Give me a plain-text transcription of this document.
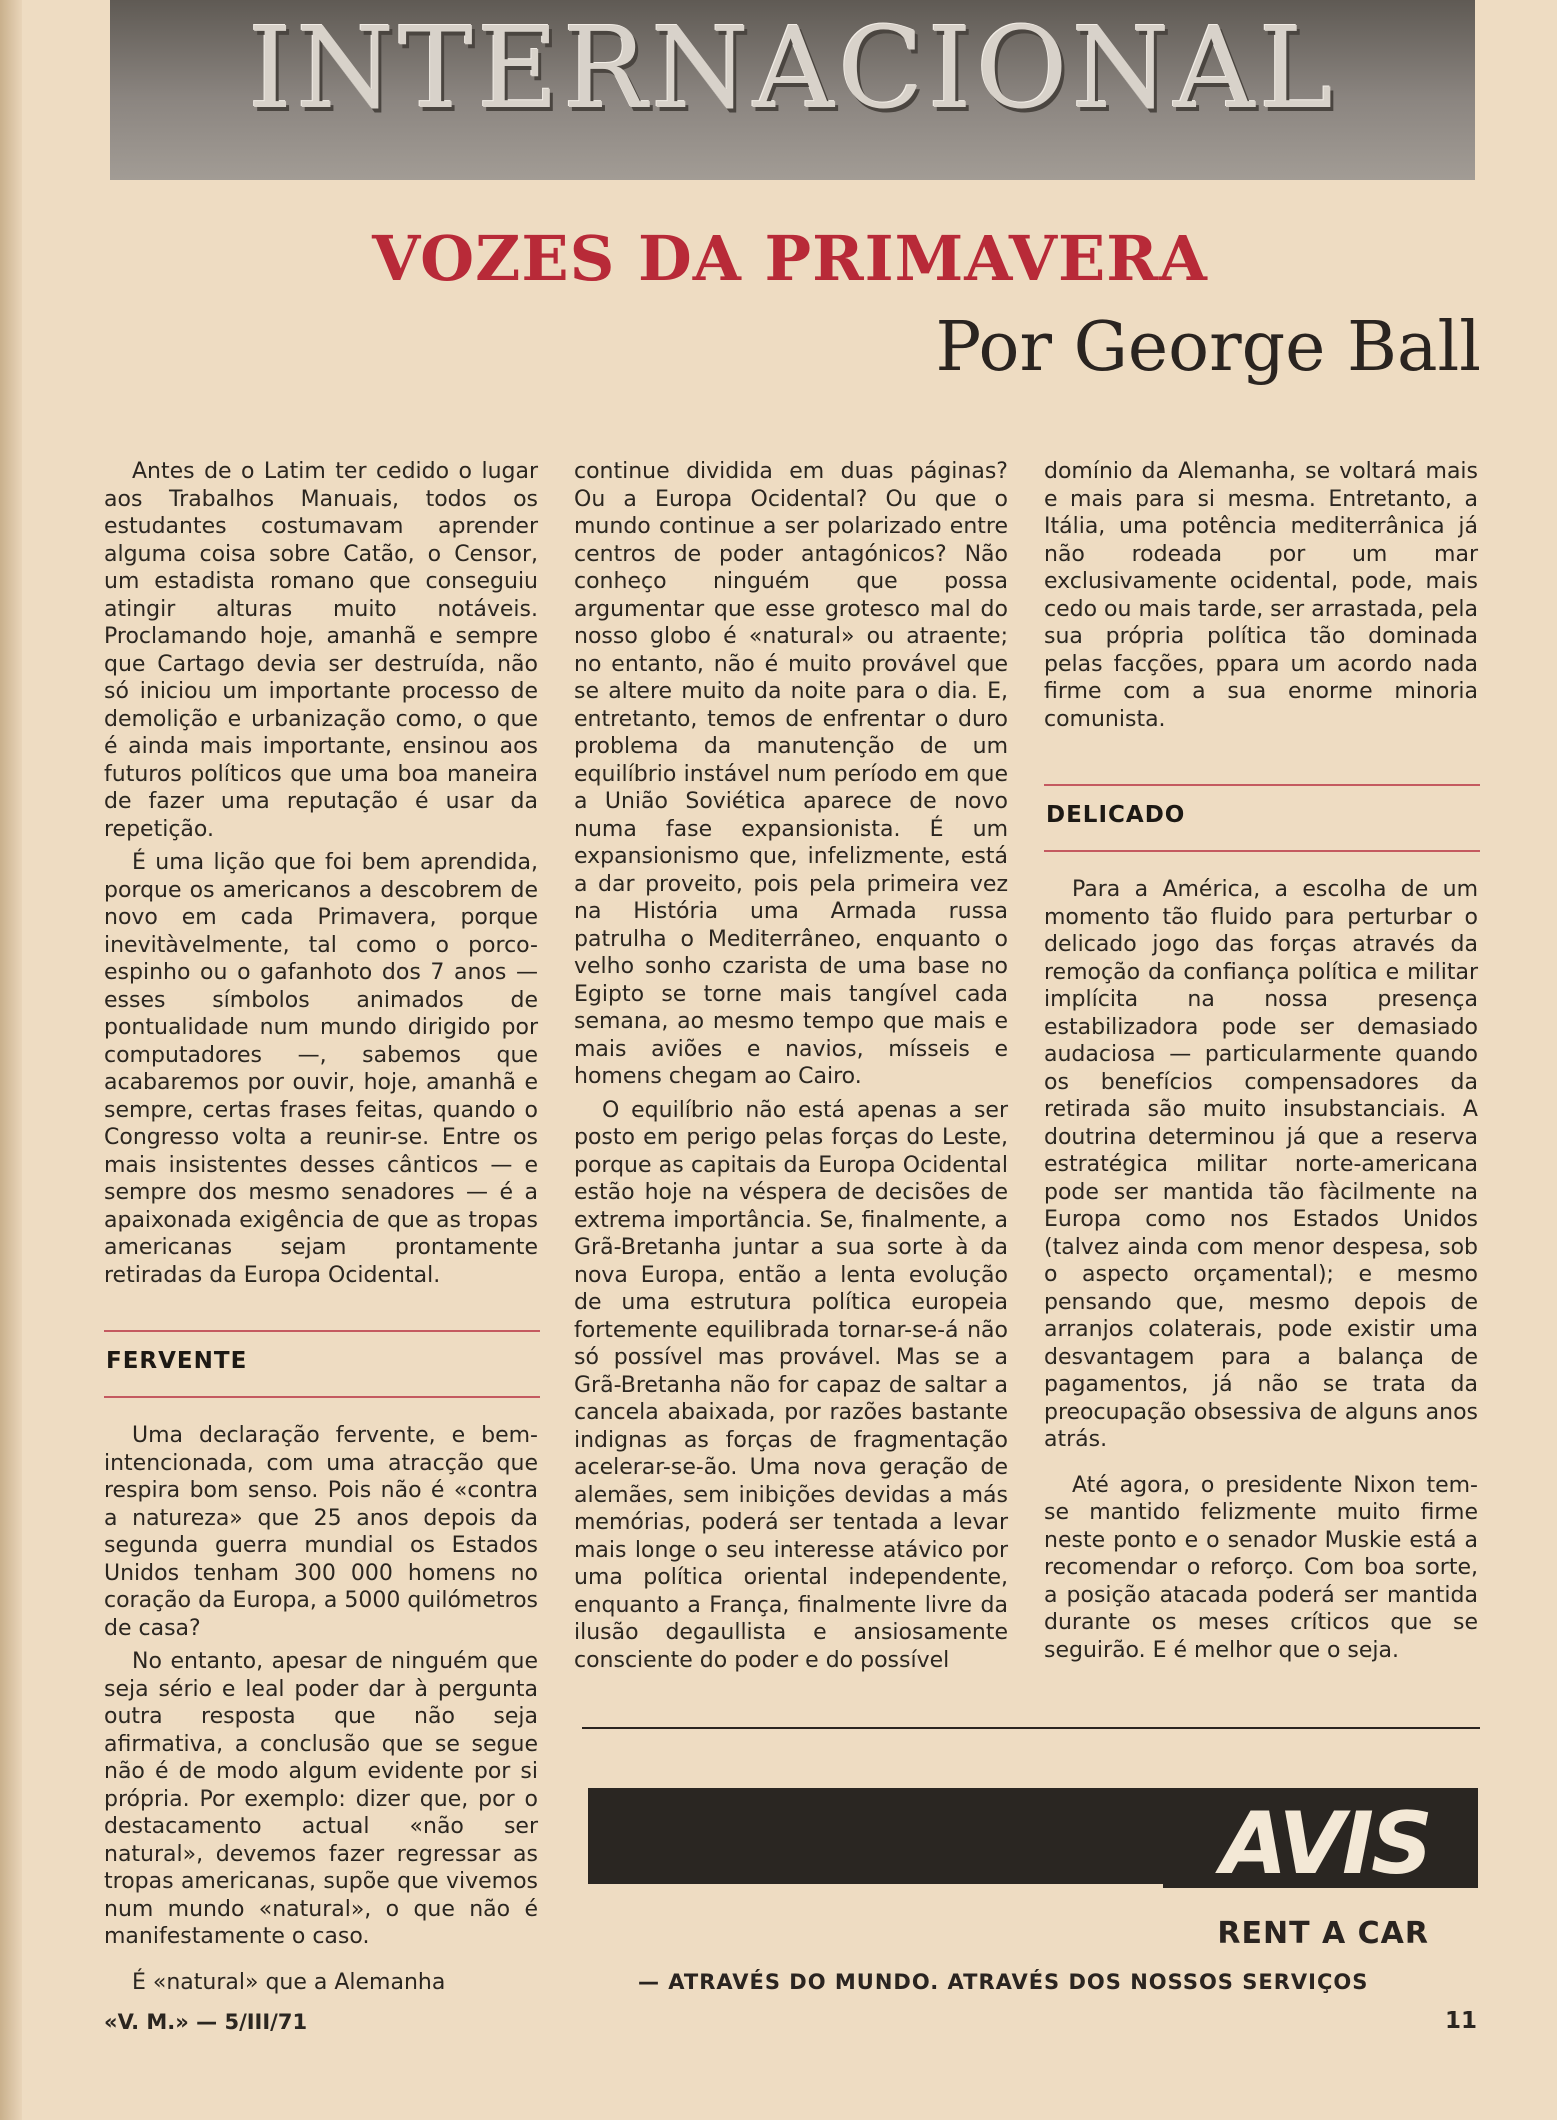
INTERNACIONAL
VOZES DA PRIMAVERA
Por George Ball

Antes de o Latim ter cedido o lugar aos Trabalhos Manuais, todos os estudantes costumavam aprender alguma coisa sobre Catão, o Censor, um estadista romano que conseguiu atingir alturas muito notáveis. Proclamando hoje, amanhã e sempre que Cartago devia ser destruída, não só iniciou um importante processo de demolição e urbanização como, o que é ainda mais importante, ensinou aos futuros políticos que uma boa maneira de fazer uma reputação é usar da repetição.

É uma lição que foi bem aprendida, porque os americanos a descobrem de novo em cada Primavera, porque inevitàvelmente, tal como o porco-espinho ou o gafanhoto dos 7 anos — esses símbolos animados de pontualidade num mundo dirigido por computadores —, sabemos que acabaremos por ouvir, hoje, amanhã e sempre, certas frases feitas, quando o Congresso volta a reunir-se. Entre os mais insistentes desses cânticos — e sempre dos mesmo senadores — é a apaixonada exigência de que as tropas americanas sejam prontamente retiradas da Europa Ocidental.

FERVENTE

Uma declaração fervente, e bem-intencionada, com uma atracção que respira bom senso. Pois não é «contra a natureza» que 25 anos depois da segunda guerra mundial os Estados Unidos tenham 300 000 homens no coração da Europa, a 5000 quilómetros de casa?

No entanto, apesar de ninguém que seja sério e leal poder dar à pergunta outra resposta que não seja afirmativa, a conclusão que se segue não é de modo algum evidente por si própria. Por exemplo: dizer que, por o destacamento actual «não ser natural», devemos fazer regressar as tropas americanas, supõe que vivemos num mundo «natural», o que não é manifestamente o caso.

É «natural» que a Alemanha

continue dividida em duas páginas? Ou a Europa Ocidental? Ou que o mundo continue a ser polarizado entre centros de poder antagónicos? Não conheço ninguém que possa argumentar que esse grotesco mal do nosso globo é «natural» ou atraente; no entanto, não é muito provável que se altere muito da noite para o dia. E, entretanto, temos de enfrentar o duro problema da manutenção de um equilíbrio instável num período em que a União Soviética aparece de novo numa fase expansionista. É um expansionismo que, infelizmente, está a dar proveito, pois pela primeira vez na História uma Armada russa patrulha o Mediterrâneo, enquanto o velho sonho czarista de uma base no Egipto se torne mais tangível cada semana, ao mesmo tempo que mais e mais aviões e navios, mísseis e homens chegam ao Cairo.

O equilíbrio não está apenas a ser posto em perigo pelas forças do Leste, porque as capitais da Europa Ocidental estão hoje na véspera de decisões de extrema importância. Se, finalmente, a Grã-Bretanha juntar a sua sorte à da nova Europa, então a lenta evolução de uma estrutura política europeia fortemente equilibrada tornar-se-á não só possível mas provável. Mas se a Grã-Bretanha não for capaz de saltar a cancela abaixada, por razões bastante indignas as forças de fragmentação acelerar-se-ão. Uma nova geração de alemães, sem inibições devidas a más memórias, poderá ser tentada a levar mais longe o seu interesse atávico por uma política oriental independente, enquanto a França, finalmente livre da ilusão degaullista e ansiosamente consciente do poder e do possível

domínio da Alemanha, se voltará mais e mais para si mesma. Entretanto, a Itália, uma potência mediterrânica já não rodeada por um mar exclusivamente ocidental, pode, mais cedo ou mais tarde, ser arrastada, pela sua própria política tão dominada pelas facções, ppara um acordo nada firme com a sua enorme minoria comunista.

DELICADO

Para a América, a escolha de um momento tão fluido para perturbar o delicado jogo das forças através da remoção da confiança política e militar implícita na nossa presença estabilizadora pode ser demasiado audaciosa — particularmente quando os benefícios compensadores da retirada são muito insubstanciais. A doutrina determinou já que a reserva estratégica militar norte-americana pode ser mantida tão fàcilmente na Europa como nos Estados Unidos (talvez ainda com menor despesa, sob o aspecto orçamental); e mesmo pensando que, mesmo depois de arranjos colaterais, pode existir uma desvantagem para a balança de pagamentos, já não se trata da preocupação obsessiva de alguns anos atrás.

Até agora, o presidente Nixon tem-se mantido felizmente muito firme neste ponto e o senador Muskie está a recomendar o reforço. Com boa sorte, a posição atacada poderá ser mantida durante os meses críticos que se seguirão. E é melhor que o seja.

AVIS
RENT A CAR
— ATRAVÉS DO MUNDO. ATRAVÉS DOS NOSSOS SERVIÇOS
«V. M.» — 5/III/71	11
